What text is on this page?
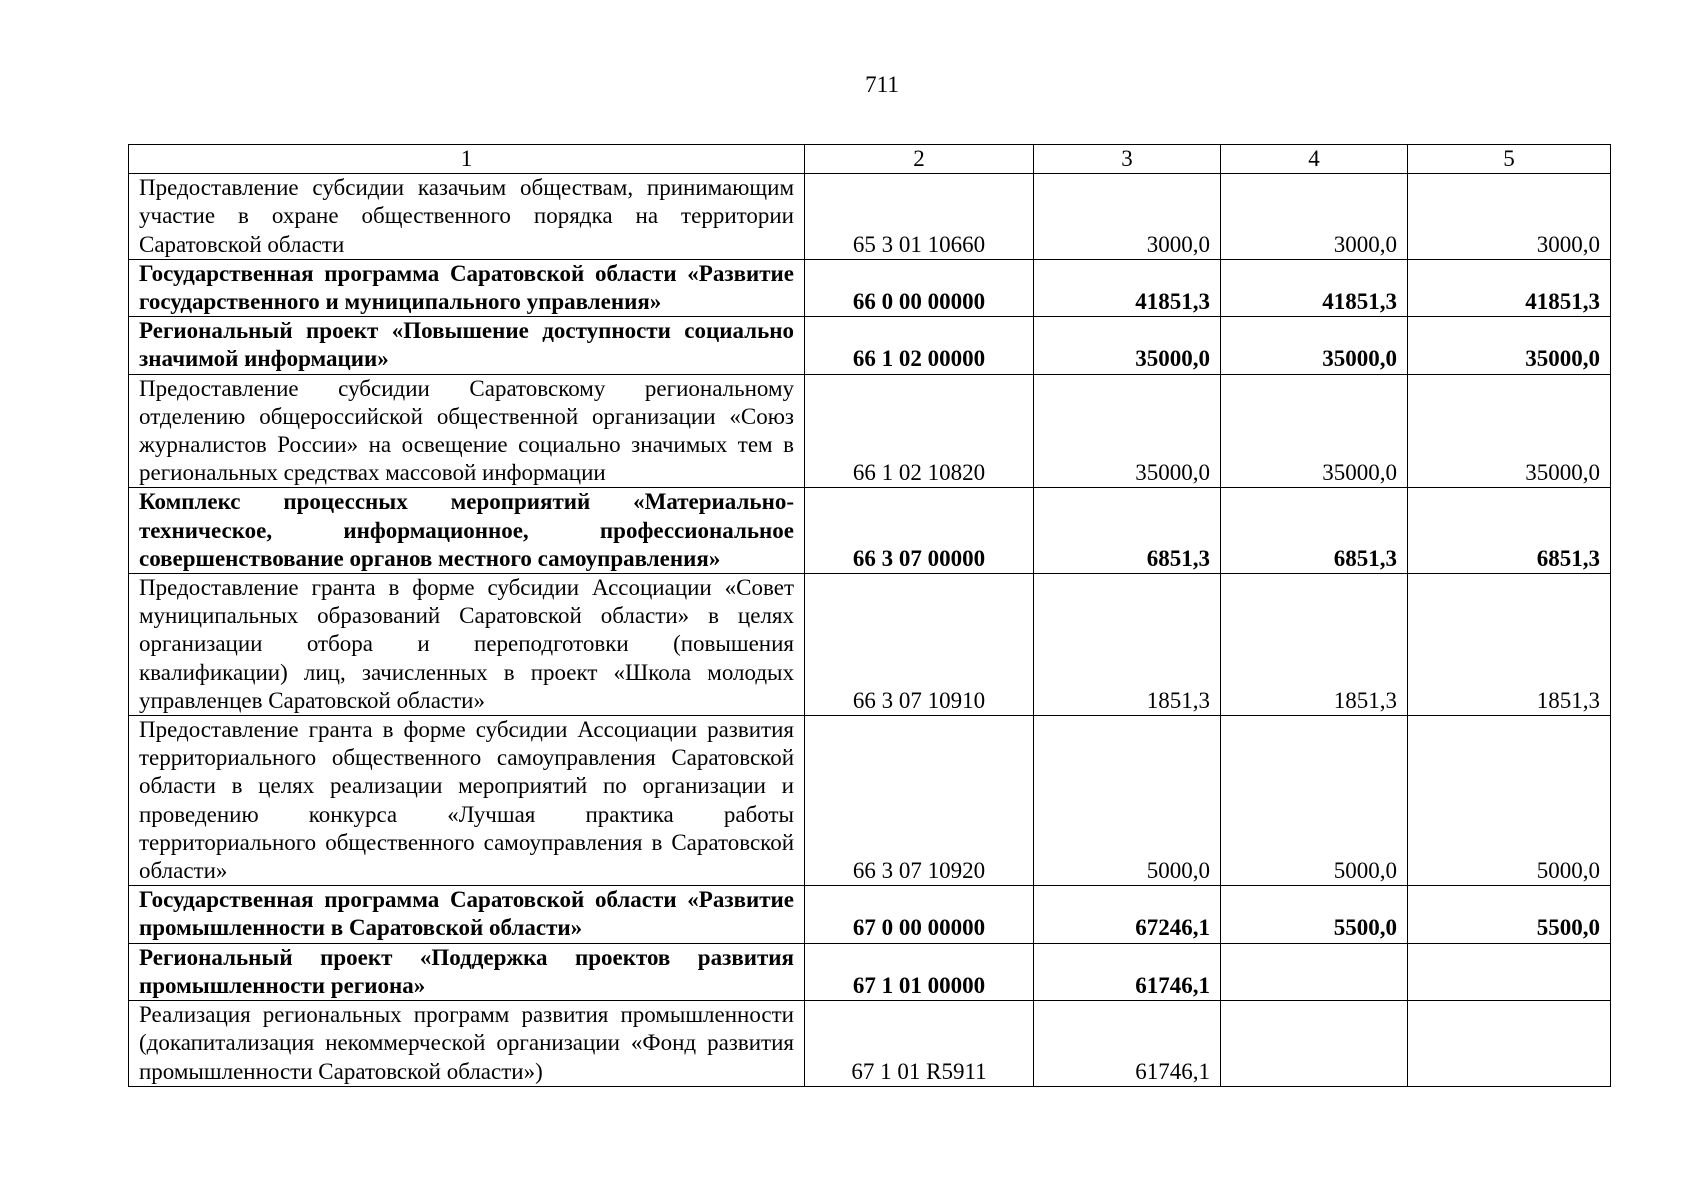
711
1	2	3	4	5
Предоставление субсидии казачьим обществам, принимающим участие в охране общественного порядка на территории Саратовской области	65 3 01 10660	3000,0	3000,0	3000,0
Государственная программа Саратовской области «Развитие государственного и муниципального управления»	66 0 00 00000	41851,3	41851,3	41851,3
Региональный проект «Повышение доступности социально значимой информации»	66 1 02 00000	35000,0	35000,0	35000,0
Предоставление субсидии Саратовскому региональному отделению общероссийской общественной организации «Союз журналистов России» на освещение социально значимых тем в региональных средствах массовой информации	66 1 02 10820	35000,0	35000,0	35000,0
Комплекс процессных мероприятий «Материально-техническое, информационное, профессиональное совершенствование органов местного самоуправления»	66 3 07 00000	6851,3	6851,3	6851,3
Предоставление гранта в форме субсидии Ассоциации «Совет муниципальных образований Саратовской области» в целях организации отбора и переподготовки (повышения квалификации) лиц, зачисленных в проект «Школа молодых управленцев Саратовской области»	66 3 07 10910	1851,3	1851,3	1851,3
Предоставление гранта в форме субсидии Ассоциации развития территориального общественного самоуправления Саратовской области в целях реализации мероприятий по организации и проведению конкурса «Лучшая практика работы территориального общественного самоуправления в Саратовской области»	66 3 07 10920	5000,0	5000,0	5000,0
Государственная программа Саратовской области «Развитие промышленности в Саратовской области»	67 0 00 00000	67246,1	5500,0	5500,0
Региональный проект «Поддержка проектов развития промышленности региона»	67 1 01 00000	61746,1		
Реализация региональных программ развития промышленности (докапитализация некоммерческой организации «Фонд развития промышленности Саратовской области»)	67 1 01 R5911	61746,1		
